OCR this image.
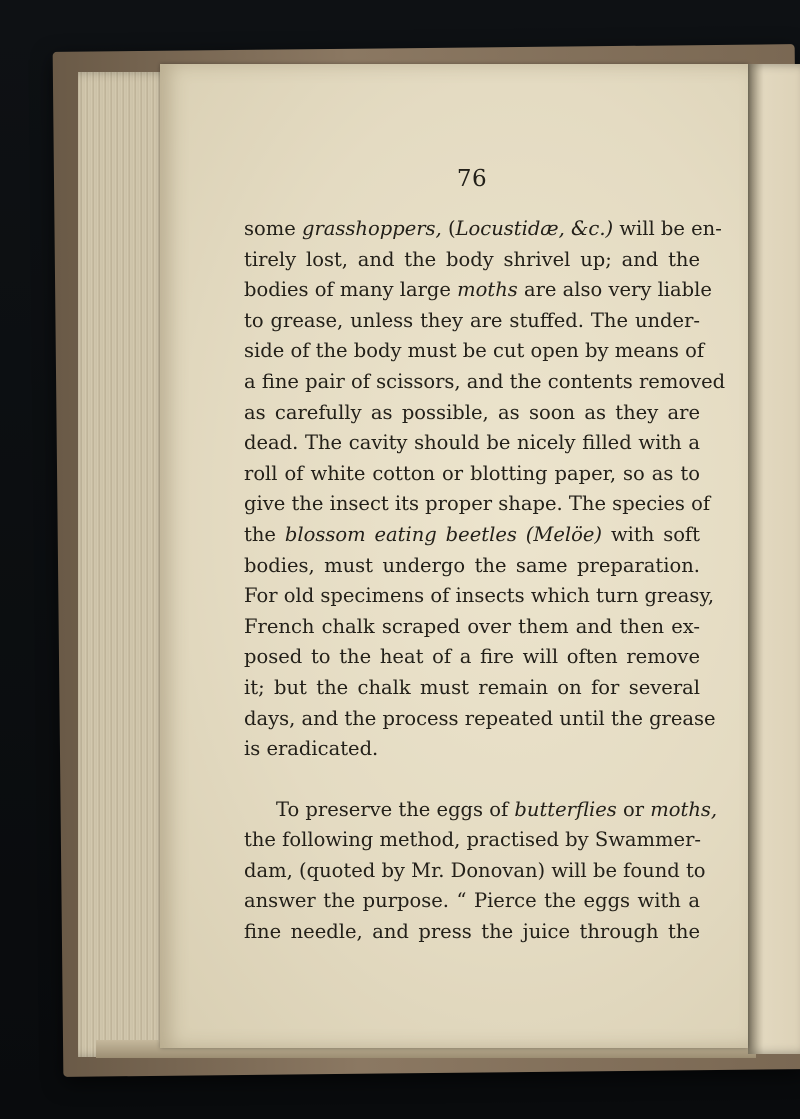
76
some grasshoppers, (Locustidæ, &c.) will be en-
tirely lost, and the body shrivel up; and the
bodies of many large moths are also very liable
to grease, unless they are stuffed. The under-
side of the body must be cut open by means of
a fine pair of scissors, and the contents removed
as carefully as possible, as soon as they are
dead. The cavity should be nicely filled with a
roll of white cotton or blotting paper, so as to
give the insect its proper shape. The species of
the blossom eating beetles (Melöe) with soft
bodies, must undergo the same preparation.
For old specimens of insects which turn greasy,
French chalk scraped over them and then ex-
posed to the heat of a fire will often remove
it; but the chalk must remain on for several
days, and the process repeated until the grease
is eradicated.
To preserve the eggs of butterflies or moths,
the following method, practised by Swammer-
dam, (quoted by Mr. Donovan) will be found to
answer the purpose. “ Pierce the eggs with a
fine needle, and press the juice through the
